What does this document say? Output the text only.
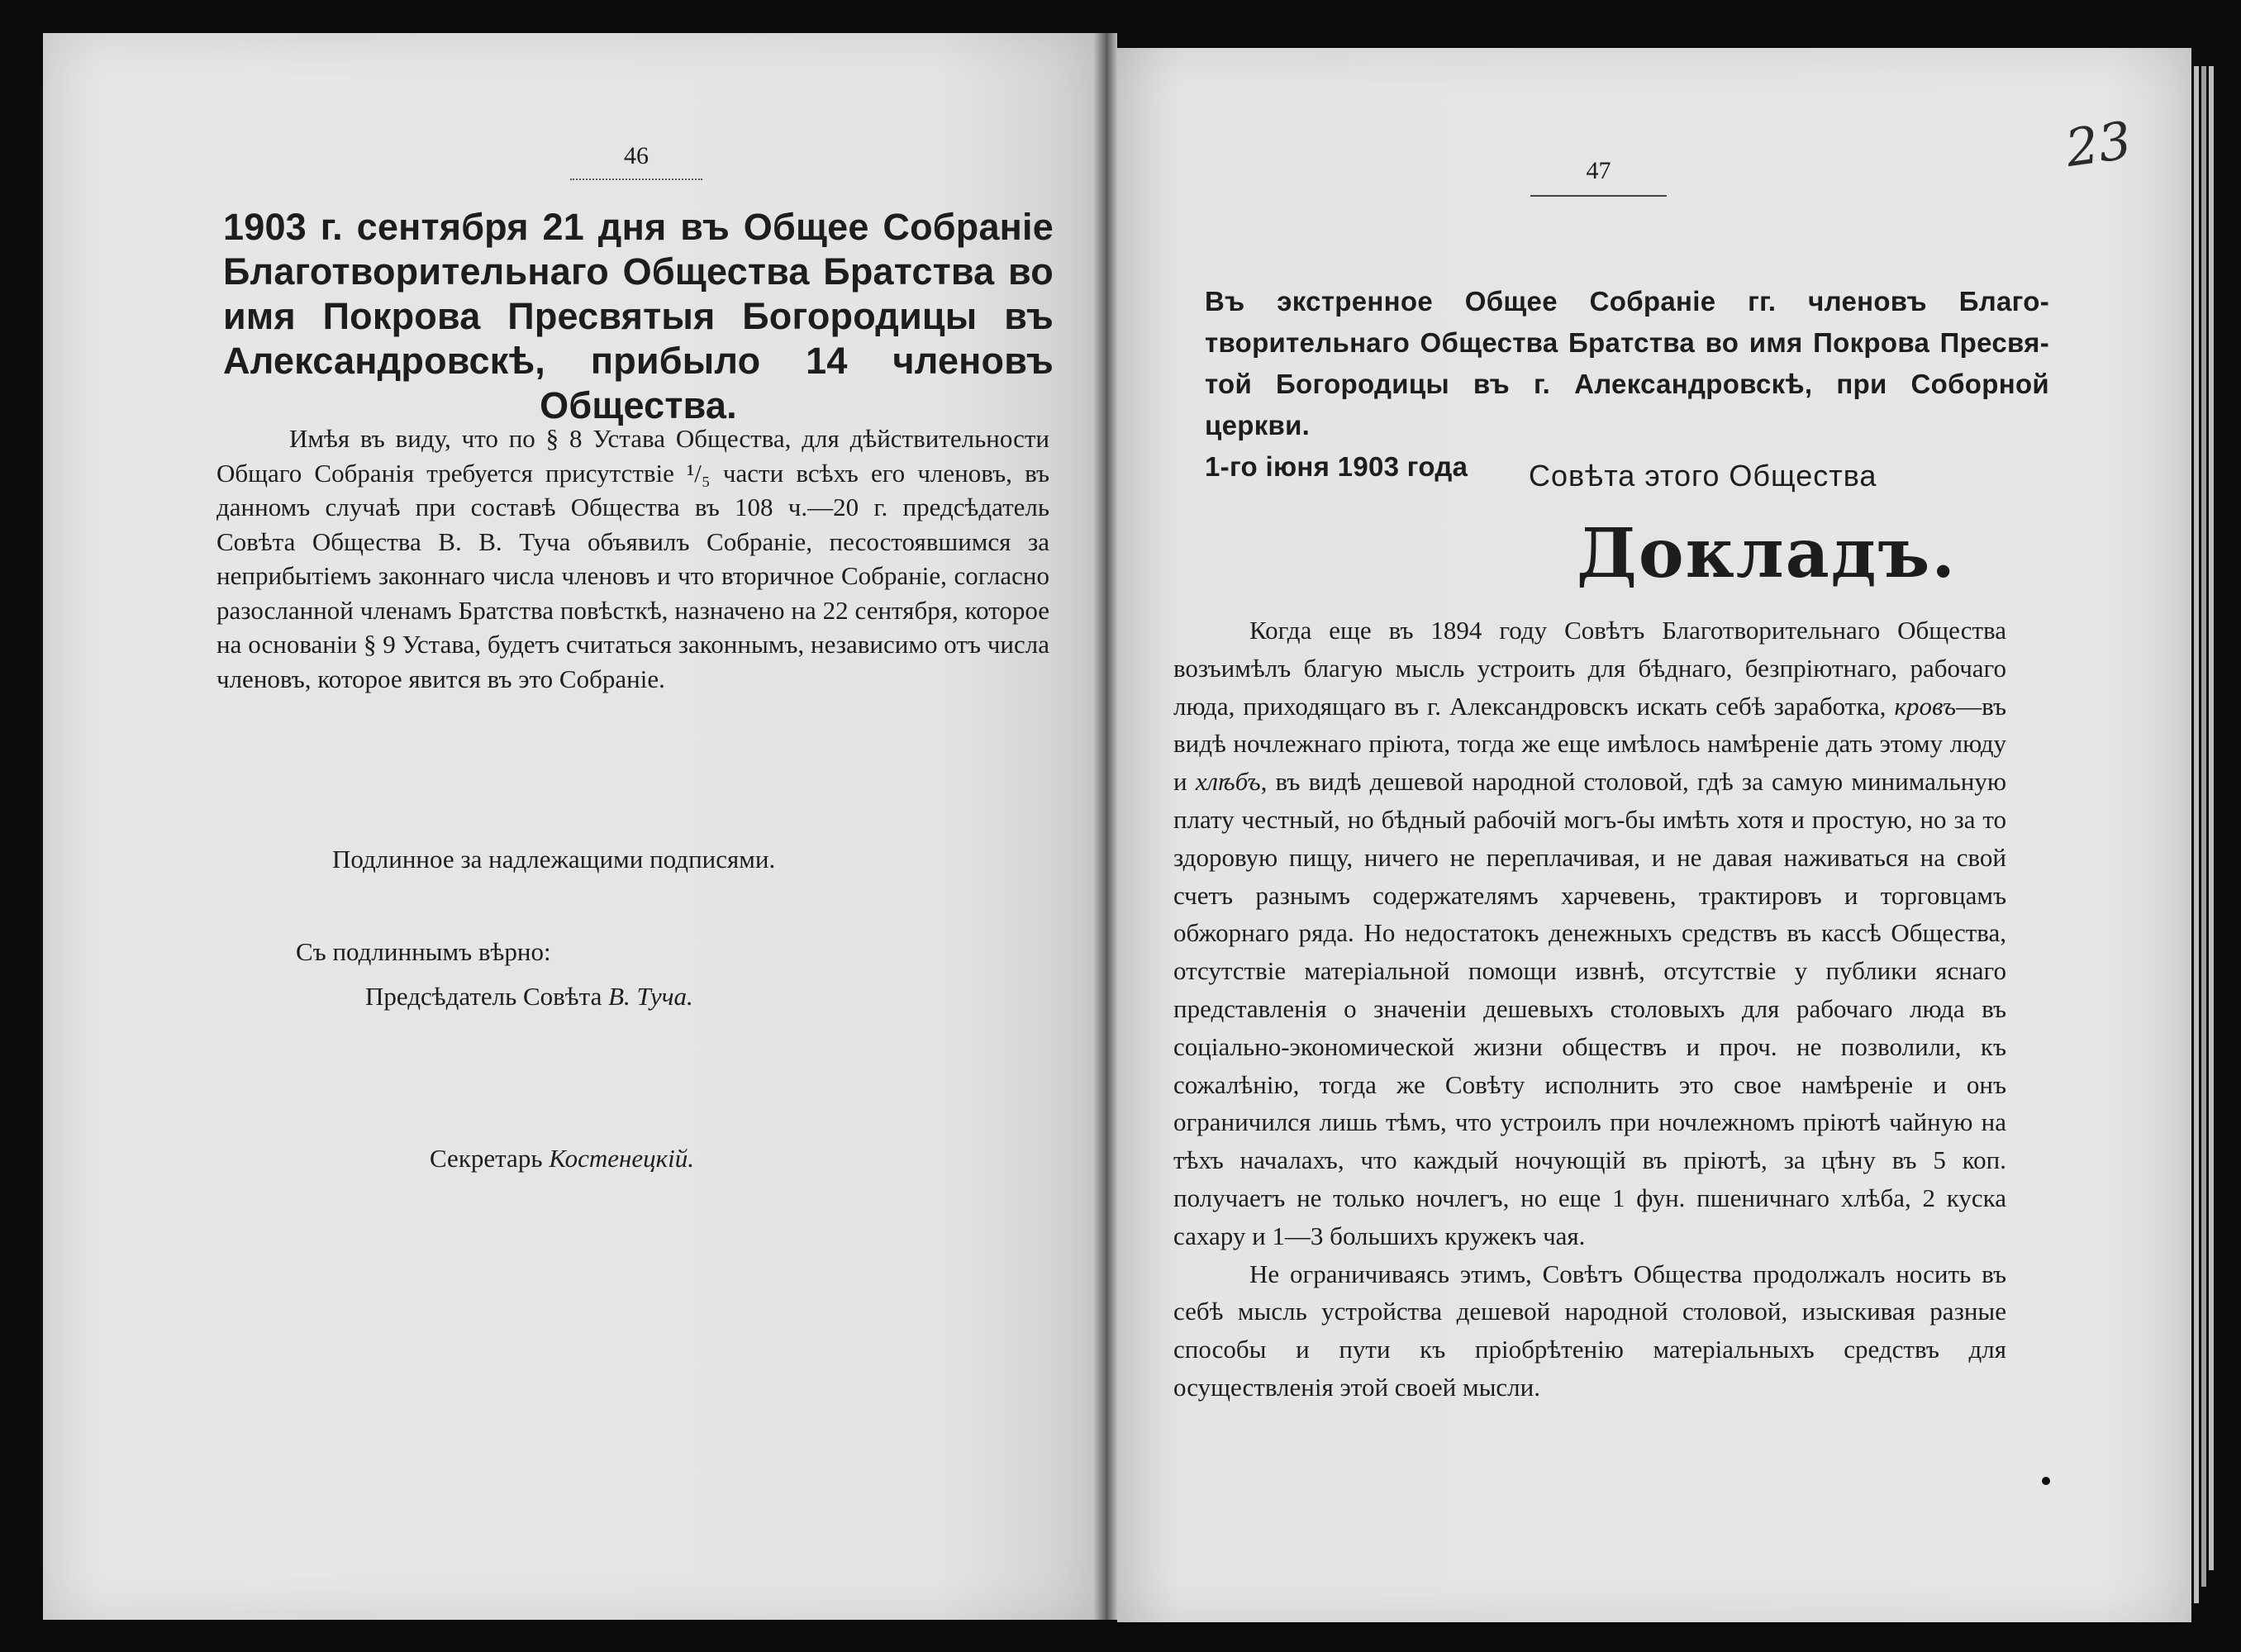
46
1903 г. сентября 21 дня въ Общее Собраніе Благотворительнаго Общества Братства во имя Покрова Пресвятыя Богородицы въ Александровскѣ, прибыло 14 членовъ Общества.

Имѣя въ виду, что по § 8 Устава Общества, для дѣйствительности Общаго Собранія требуется присутствіе ¹/₅ части всѣхъ его членовъ, въ данномъ случаѣ при составѣ Общества въ 108 ч.—20 г. предсѣдатель Совѣта Общества В. В. Туча объявилъ Собраніе, песостоявшимся за неприбытіемъ законнаго числа членовъ и что вторичное Собраніе, согласно разосланной членамъ Братства повѣсткѣ, назначено на 22 сентября, которое на основаніи § 9 Устава, будетъ считаться законнымъ, независимо отъ числа членовъ, которое явится въ это Собраніе.

Подлинное за надлежащими подписями.
Съ подлиннымъ вѣрно:
Предсѣдатель Совѣта В. Туча.
Секретарь Костенецкій.
47	23
Въ экстренное Общее Собраніе гг. членовъ Благо-
творительнаго Общества Братства во имя Покрова Пресвя-
той Богородицы въ г. Александровскѣ, при Соборной церкви.
1-го іюня 1903 года	Совѣта этого Общества
Докладъ.

Когда еще въ 1894 году Совѣтъ Благотворительнаго Общества возъимѣлъ благую мысль устроить для бѣднаго, безпріютнаго, рабочаго люда, приходящаго въ г. Александровскъ искать себѣ заработка, кровъ—въ видѣ ночлежнаго пріюта, тогда же еще имѣлось намѣреніе дать этому люду и хлѣбъ, въ видѣ дешевой народной столовой, гдѣ за самую минимальную плату честный, но бѣдный рабочій могъ-бы имѣть хотя и простую, но за то здоровую пищу, ничего не переплачивая, и не давая наживаться на свой счетъ разнымъ содержателямъ харчевень, трактировъ и торговцамъ обжорнаго ряда. Но недостатокъ денежныхъ средствъ въ кассѣ Общества, отсутствіе матеріальной помощи извнѣ, отсутствіе у публики яснаго представленія о значеніи дешевыхъ столовыхъ для рабочаго люда въ соціально-экономической жизни обществъ и проч. не позволили, къ сожалѣнію, тогда же Совѣту исполнить это свое намѣреніе и онъ ограничился лишь тѣмъ, что устроилъ при ночлежномъ пріютѣ чайную на тѣхъ началахъ, что каждый ночующій въ пріютѣ, за цѣну въ 5 коп. получаетъ не только ночлегъ, но еще 1 фун. пшеничнаго хлѣба, 2 куска сахару и 1—3 большихъ кружекъ чая.

Не ограничиваясь этимъ, Совѣтъ Общества продолжалъ носить въ себѣ мысль устройства дешевой народной столовой, изыскивая разные способы и пути къ пріобрѣтенію матеріальныхъ средствъ для осуществленія этой своей мысли.
